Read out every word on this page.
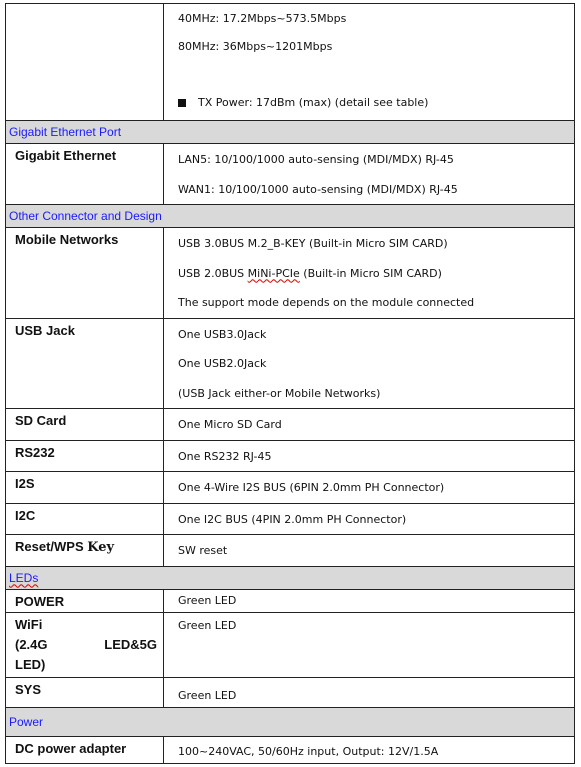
	40MHz: 17.2Mbps~573.5Mbps
80MHz: 36Mbps~1201Mbps
TX Power: 17dBm (max) (detail see table)

Gigabit Ethernet Port	
Gigabit Ethernet	LAN5: 10/100/1000 auto-sensing (MDI/MDX) RJ-45
WAN1: 10/100/1000 auto-sensing (MDI/MDX) RJ-45

Other Connector and Design	
Mobile Networks	USB 3.0BUS M.2_B-KEY (Built-in Micro SIM CARD)
USB 2.0BUS MiNi-PCIe (Built-in Micro SIM CARD)
The support mode depends on the module connected

USB Jack	One USB3.0Jack
One USB2.0Jack
(USB Jack either-or Mobile Networks)

SD Card	One Micro SD Card

RS232	One RS232 RJ-45

I2S	One 4-Wire I2S BUS (6PIN 2.0mm PH Connector)

I2C	One I2C BUS (4PIN 2.0mm PH Connector)

Reset/WPS Key	SW reset

LEDs	
POWER	Green LED

WiFi
(2.4G LED&5G
LED)	Green LED

SYS	Green LED

Power	
DC power adapter	100~240VAC, 50/60Hz input, Output: 12V/1.5A
